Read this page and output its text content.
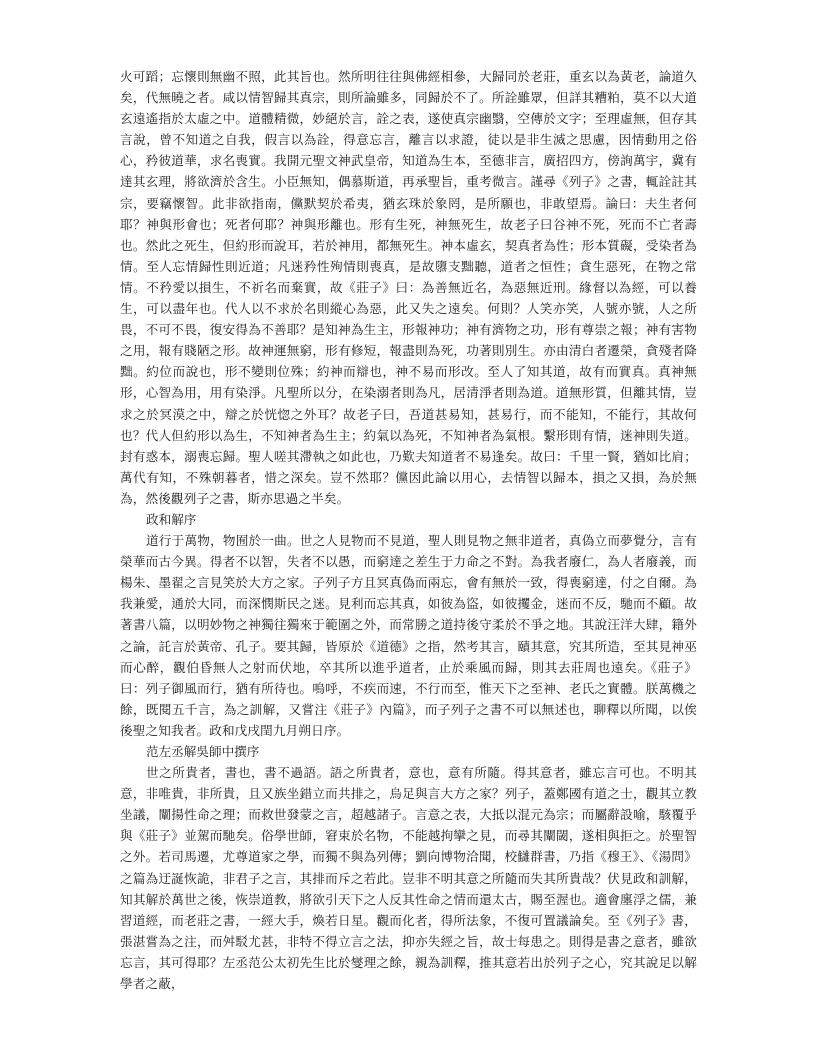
火可蹈；忘懷則無幽不照，此其旨也。然所明往往與佛經相參，大歸同於老莊，重玄以為黃老，論道久矣，代無曉之者。咸以情智歸其真宗，則所論雖多，同歸於不了。所詮雖眾，但詳其糟粕，莫不以大道玄遠遙指於太虛之中。道體精微，妙絕於言，詮之表，遂使真宗幽翳，空傳於文字；至理虛無，但存其言說，曾不知道之自我，假言以為詮，得意忘言，離言以求證，徒以是非生滅之思慮，因情動用之俗心，矜彼道華，求名喪實。我開元聖文神武皇帝，知道為生本，至德非言，廣招四方，傍詢萬宇，冀有達其玄理，將欲濟於含生。小臣無知，偶慕斯道，再承聖旨，重考微言。謹尋《列子》之書，輒詮註其宗，要竊懷智。此非欲指南，儻默契於希夷，猶玄珠於象罔，是所願也，非敢望焉。論曰：夫生者何耶？神與形會也；死者何耶？神與形離也。形有生死，神無死生，故老子曰谷神不死，死而不亡者壽也。然此之死生，但約形而說耳，若於神用，都無死生。神本虛玄，契真者為性；形本質礙，受染者為情。至人忘情歸性則近道；凡迷矜性殉情則喪真，是故隳支黜聽，道者之恒性；貪生惡死，在物之常情。不矜愛以損生，不祈名而棄實，故《莊子》曰：為善無近名，為惡無近刑。緣督以為經，可以養生，可以盡年也。代人以不求於名則縱心為惡，此又失之遠矣。何則？人笑亦笑，人號亦號，人之所畏，不可不畏，復安得為不善耶？是知神為生主，形報神功；神有濟物之功，形有尊崇之報；神有害物之用，報有賤陋之形。故神運無窮，形有修短，報盡則為死，功著則別生。亦由清白者遷榮，貪殘者降黜。約位而說也，形不變則位殊；約神而辯也，神不易而形改。至人了知其道，故有而實真。真神無形，心智為用，用有染淨。凡聖所以分，在染溺者則為凡，居清淨者則為道。道無形質，但離其情，豈求之於冥漠之中，辯之於恍惚之外耳？故老子曰，吾道甚易知，甚易行，而不能知，不能行，其故何也？代人但約形以為生，不知神者為生主；約氣以為死，不知神者為氣根。繫形則有情，迷神則失道。封有惑本，溺喪忘歸。聖人嗟其滯執之如此也，乃歎夫知道者不易逢矣。故曰：千里一賢，猶如比肩；萬代有知，不殊朝暮者，惜之深矣。豈不然耶？儻因此論以用心，去情智以歸本，損之又損，為於無為，然後觀列子之書，斯亦思過之半矣。

政和解序

道行于萬物，物囿於一曲。世之人見物而不見道，聖人則見物之無非道者，真偽立而夢覺分，言有榮華而古今異。得者不以智，失者不以愚，而窮達之差生于力命之不對。為我者廢仁，為人者廢義，而楊朱、墨翟之言見笑於大方之家。子列子方且冥真偽而兩忘，會有無於一致，得喪窮達，付之自爾。為我兼愛，通於大同，而深憫斯民之迷。見利而忘其真，如彼為盜，如彼攫金，迷而不反，馳而不顧。故著書八篇，以明妙物之神獨往獨來于範圍之外，而常勝之道持後守柔於不爭之地。其說汪洋大肆，籍外之論，託言於黃帝、孔子。要其歸，皆原於《道德》之指，然考其言，賾其意，究其所造，至其見神巫而心醉，觀伯昏無人之射而伏地，卒其所以進乎道者，止於乘風而歸，則其去莊周也遠矣。《莊子》曰：列子御風而行，猶有所待也。嗚呼，不疾而速，不行而至，惟天下之至神、老氏之實體。朕萬機之餘，既閱五千言，為之訓解，又嘗注《莊子》內篇》，而子列子之書不可以無述也，聊釋以所聞，以俟後聖之知我者。政和戊戌閏九月朔日序。

范左丞解吳師中撰序

世之所貴者，書也，書不過語。語之所貴者，意也，意有所隨。得其意者，雖忘言可也。不明其意，非唯貴，非所貴，且又族坐錯立而共排之，烏足與言大方之家？列子，蓋鄭國有道之士，觀其立教坐議，闡揚性命之理；而救世發蒙之言，超越諸子。言意之表，大抵以混元為宗；而屬辭設喻，駭覆乎與《莊子》並駕而馳矣。俗學世師，窘束於名物，不能越拘攣之見，而尋其闡閾，遂相與拒之。於聖智之外。若司馬遷，尤尊道家之學，而獨不與為列傳；劉向博物洽聞，校讎群書，乃指《穆王》、《湯問》之篇為迂誕恢詭，非君子之言，其排而斥之若此。豈非不明其意之所隨而失其所貴哉？伏見政和訓解，知其解於萬世之後，恢崇道教，將欲引天下之人反其性命之情而還太古，賜至渥也。適會廛浮之儒，兼習道經，而老莊之書，一經大手，煥若日星。觀而化者，得所法象，不復可置議論矣。至《列子》書，張湛嘗為之注，而舛駁尤甚，非特不得立言之法，抑亦失經之旨，故士每患之。則得是書之意者，雖欲忘言，其可得耶？左丞范公太初先生比於燮理之餘，親為訓釋，推其意若出於列子之心，究其說足以解學者之蔽，
